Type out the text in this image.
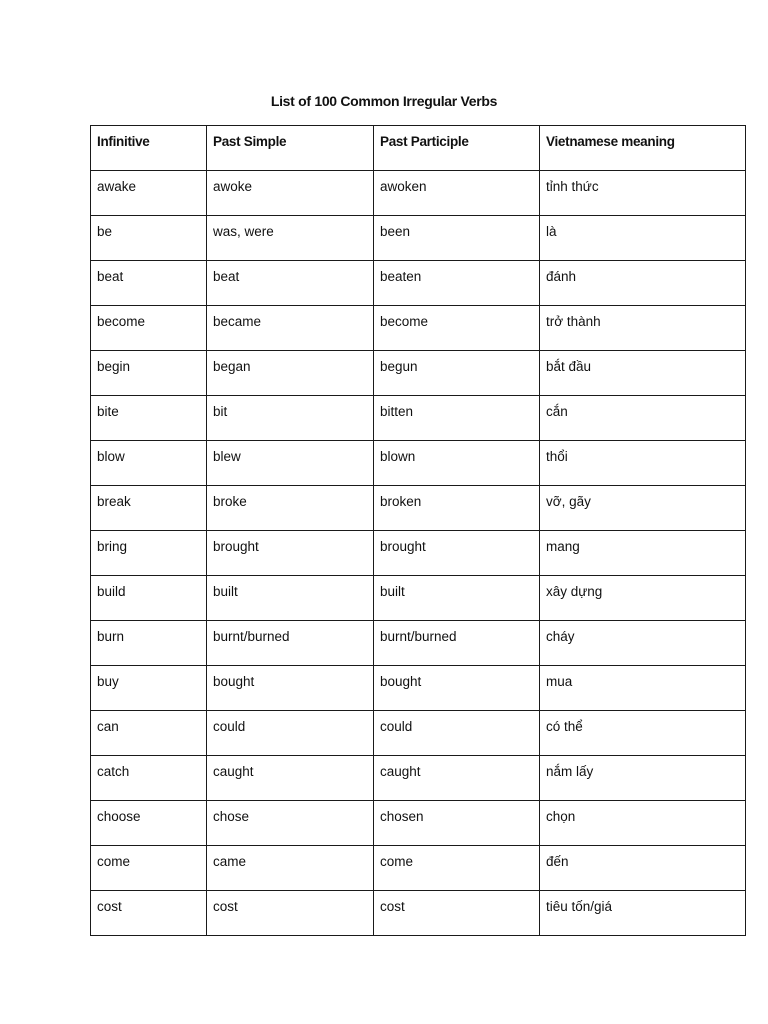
List of 100 Common Irregular Verbs
Infinitive	Past Simple	Past Participle	Vietnamese meaning
awake	awoke	awoken	tỉnh thức
be	was, were	been	là
beat	beat	beaten	đánh
become	became	become	trở thành
begin	began	begun	bắt đầu
bite	bit	bitten	cắn
blow	blew	blown	thổi
break	broke	broken	vỡ, gãy
bring	brought	brought	mang
build	built	built	xây dựng
burn	burnt/burned	burnt/burned	cháy
buy	bought	bought	mua
can	could	could	có thể
catch	caught	caught	nắm lấy
choose	chose	chosen	chọn
come	came	come	đến
cost	cost	cost	tiêu tốn/giá
